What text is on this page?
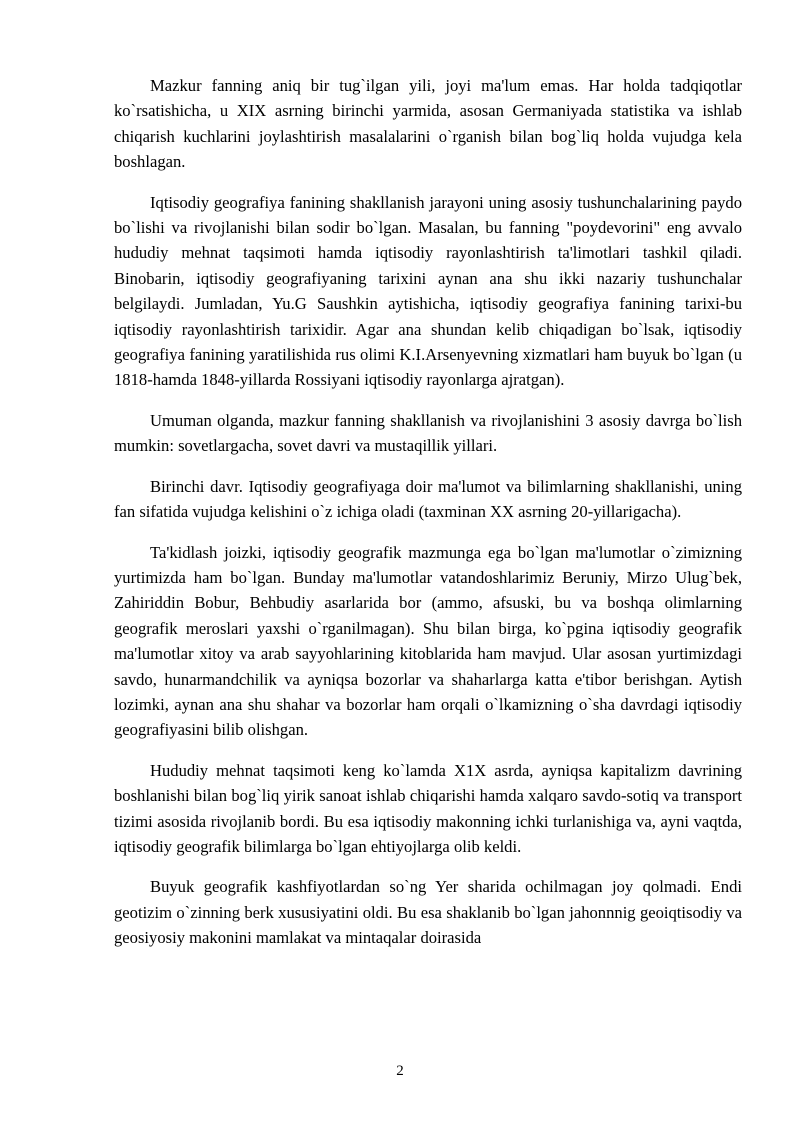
Mazkur fanning aniq bir tug`ilgan yili, joyi ma'lum emas. Har holda tadqiqotlar ko`rsatishicha, u XIX asrning birinchi yarmida, asosan Germaniyada statistika va ishlab chiqarish kuchlarini joylashtirish masalalarini o`rganish bilan bog`liq holda vujudga kela boshlagan.

Iqtisodiy geografiya fanining shakllanish jarayoni uning asosiy tushunchalarining paydo bo`lishi va rivojlanishi bilan sodir bo`lgan. Masalan, bu fanning "poydevorini" eng avvalo hududiy mehnat taqsimoti hamda iqtisodiy rayonlashtirish ta'limotlari tashkil qiladi. Binobarin, iqtisodiy geografiyaning tarixini aynan ana shu ikki nazariy tushunchalar belgilaydi. Jumladan, Yu.G Saushkin aytishicha, iqtisodiy geografiya fanining tarixi-bu iqtisodiy rayonlashtirish tarixidir. Agar ana shundan kelib chiqadigan bo`lsak, iqtisodiy geografiya fanining yaratilishida rus olimi K.I.Arsenyevning xizmatlari ham buyuk bo`lgan (u 1818-hamda 1848-yillarda Rossiyani iqtisodiy rayonlarga ajratgan).

Umuman olganda, mazkur fanning shakllanish va rivojlanishini 3 asosiy davrga bo`lish mumkin: sovetlargacha, sovet davri va mustaqillik yillari.

Birinchi davr. Iqtisodiy geografiyaga doir ma'lumot va bilimlarning shakllanishi, uning fan sifatida vujudga kelishini o`z ichiga oladi (taxminan XX asrning 20-yillarigacha).

Ta'kidlash joizki, iqtisodiy geografik mazmunga ega bo`lgan ma'lumotlar o`zimizning yurtimizda ham bo`lgan. Bunday ma'lumotlar vatandoshlarimiz Beruniy, Mirzo Ulug`bek, Zahiriddin Bobur, Behbudiy asarlarida bor (ammo, afsuski, bu va boshqa olimlarning geografik meroslari yaxshi o`rganilmagan). Shu bilan birga, ko`pgina iqtisodiy geografik ma'lumotlar xitoy va arab sayyohlarining kitoblarida ham mavjud. Ular asosan yurtimizdagi savdo, hunarmandchilik va ayniqsa bozorlar va shaharlarga katta e'tibor berishgan. Aytish lozimki, aynan ana shu shahar va bozorlar ham orqali o`lkamizning o`sha davrdagi iqtisodiy geografiyasini bilib olishgan.

Hududiy mehnat taqsimoti keng ko`lamda X1X asrda, ayniqsa kapitalizm davrining boshlanishi bilan bog`liq yirik sanoat ishlab chiqarishi hamda xalqaro savdo-sotiq va transport tizimi asosida rivojlanib bordi. Bu esa iqtisodiy makonning ichki turlanishiga va, ayni vaqtda, iqtisodiy geografik bilimlarga bo`lgan ehtiyojlarga olib keldi.

Buyuk geografik kashfiyotlardan so`ng Yer sharida ochilmagan joy qolmadi. Endi geotizim o`zinning berk xususiyatini oldi. Bu esa shaklanib bo`lgan jahonnnig geoiqtisodiy va geosiyosiy makonini mamlakat va mintaqalar doirasida

2
